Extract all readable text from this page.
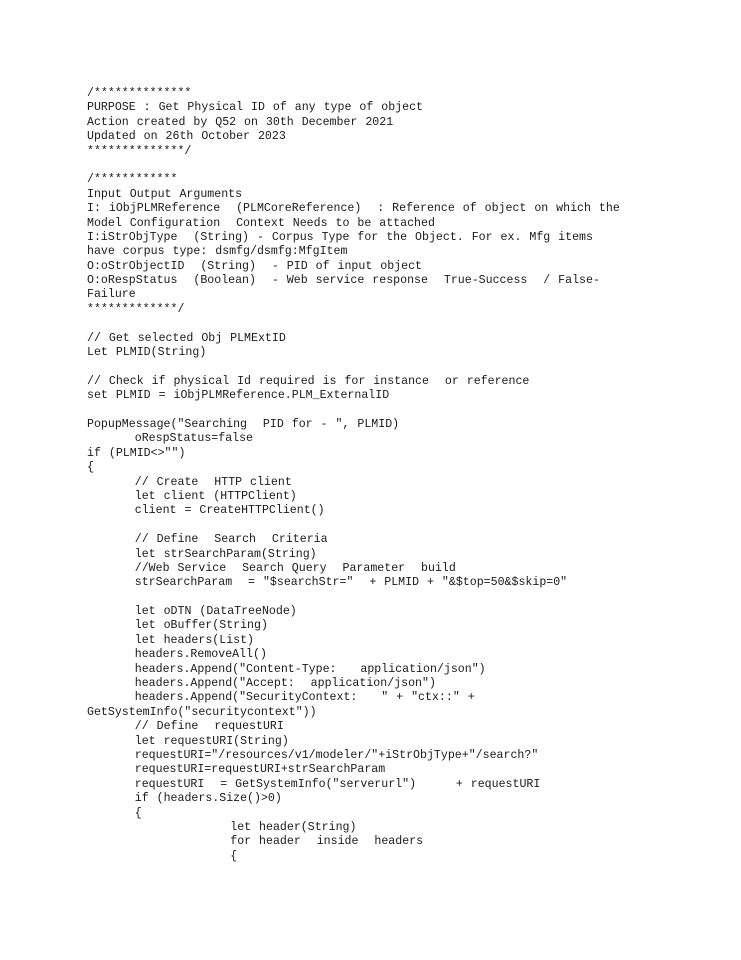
/**************
PURPOSE : Get Physical ID of any type of object
Action created by Q52 on 30th December 2021
Updated on 26th October 2023
**************/
/************
Input Output Arguments
I: iObjPLMReference  (PLMCoreReference)  : Reference of object on which the
Model Configuration  Context Needs to be attached
I:iStrObjType  (String) - Corpus Type for the Object. For ex. Mfg items
have corpus type: dsmfg/dsmfg:MfgItem
O:oStrObjectID  (String)  - PID of input object
O:oRespStatus  (Boolean)  - Web service response  True-Success  / False-
Failure
*************/
// Get selected Obj PLMExtID
Let PLMID(String)
// Check if physical Id required is for instance  or reference
set PLMID = iObjPLMReference.PLM_ExternalID
PopupMessage("Searching  PID for - ", PLMID)
oRespStatus=false
if (PLMID<>"")
{
// Create  HTTP client
let client (HTTPClient)
client = CreateHTTPClient()
// Define  Search  Criteria
let strSearchParam(String)
//Web Service  Search Query  Parameter  build
strSearchParam  = "$searchStr="  + PLMID + "&$top=50&$skip=0"
let oDTN (DataTreeNode)
let oBuffer(String)
let headers(List)
headers.RemoveAll()
headers.Append("Content-Type:   application/json")
headers.Append("Accept:  application/json")
headers.Append("SecurityContext:   " + "ctx::" +
GetSystemInfo("securitycontext"))
// Define  requestURI
let requestURI(String)
requestURI="/resources/v1/modeler/"+iStrObjType+"/search?"
requestURI=requestURI+strSearchParam
requestURI  = GetSystemInfo("serverurl")     + requestURI
if (headers.Size()>0)
{
let header(String)
for header  inside  headers
{
